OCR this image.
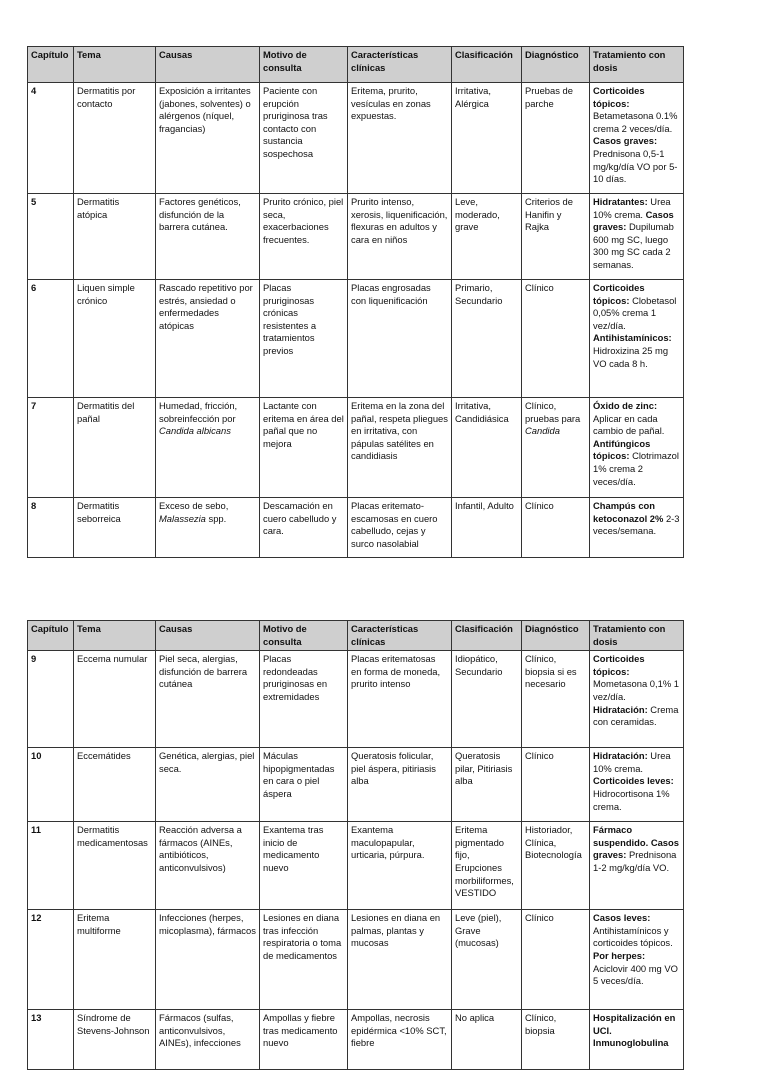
Capítulo	Tema	Causas	Motivo de consulta	Características clínicas	Clasificación	Diagnóstico	Tratamiento con dosis
4	Dermatitis por contacto	Exposición a irritantes (jabones, solventes) o alérgenos (níquel, fragancias)	Paciente con erupción pruriginosa tras contacto con sustancia sospechosa	Eritema, prurito, vesículas en zonas expuestas.	Irritativa, Alérgica	Pruebas de parche	Corticoides tópicos: Betametasona 0.1% crema 2 veces/día. Casos graves: Prednisona 0,5-1 mg/kg/día VO por 5-10 días.
5	Dermatitis atópica	Factores genéticos, disfunción de la barrera cutánea.	Prurito crónico, piel seca, exacerbaciones frecuentes.	Prurito intenso, xerosis, liquenificación, flexuras en adultos y cara en niños	Leve, moderado, grave	Criterios de Hanifin y Rajka	Hidratantes: Urea 10% crema. Casos graves: Dupilumab 600 mg SC, luego 300 mg SC cada 2 semanas.
6	Liquen simple crónico	Rascado repetitivo por estrés, ansiedad o enfermedades atópicas	Placas pruriginosas crónicas resistentes a tratamientos previos	Placas engrosadas con liquenificación	Primario, Secundario	Clínico	Corticoides tópicos: Clobetasol 0,05% crema 1 vez/día. Antihistamínicos: Hidroxizina 25 mg VO cada 8 h.
7	Dermatitis del pañal	Humedad, fricción, sobreinfección por Candida albicans	Lactante con eritema en área del pañal que no mejora	Eritema en la zona del pañal, respeta pliegues en irritativa, con pápulas satélites en candidiasis	Irritativa, Candidiásica	Clínico, pruebas para Candida	Óxido de zinc: Aplicar en cada cambio de pañal. Antifúngicos tópicos: Clotrimazol 1% crema 2 veces/día.
8	Dermatitis seborreica	Exceso de sebo, Malassezia spp.	Descamación en cuero cabelludo y cara.	Placas eritemato-escamosas en cuero cabelludo, cejas y surco nasolabial	Infantil, Adulto	Clínico	Champús con ketoconazol 2% 2-3 veces/semana.
Capítulo	Tema	Causas	Motivo de consulta	Características clínicas	Clasificación	Diagnóstico	Tratamiento con dosis
9	Eccema numular	Piel seca, alergias, disfunción de barrera cutánea	Placas redondeadas pruriginosas en extremidades	Placas eritematosas en forma de moneda, prurito intenso	Idiopático, Secundario	Clínico, biopsia si es necesario	Corticoides tópicos: Mometasona 0,1% 1 vez/día. Hidratación: Crema con ceramidas.
10	Eccemátides	Genética, alergias, piel seca.	Máculas hipopigmentadas en cara o piel áspera	Queratosis folicular, piel áspera, pitiriasis alba	Queratosis pilar, Pitiriasis alba	Clínico	Hidratación: Urea 10% crema. Corticoides leves: Hidrocortisona 1% crema.
11	Dermatitis medicamentosas	Reacción adversa a fármacos (AINEs, antibióticos, anticonvulsivos)	Exantema tras inicio de medicamento nuevo	Exantema maculopapular, urticaria, púrpura.	Eritema pigmentado fijo, Erupciones morbiliformes, VESTIDO	Historiador, Clínica, Biotecnología	Fármaco suspendido. Casos graves: Prednisona 1-2 mg/kg/día VO.
12	Eritema multiforme	Infecciones (herpes, micoplasma), fármacos	Lesiones en diana tras infección respiratoria o toma de medicamentos	Lesiones en diana en palmas, plantas y mucosas	Leve (piel), Grave (mucosas)	Clínico	Casos leves: Antihistamínicos y corticoides tópicos. Por herpes: Aciclovir 400 mg VO 5 veces/día.
13	Síndrome de Stevens-Johnson	Fármacos (sulfas, anticonvulsivos, AINEs), infecciones	Ampollas y fiebre tras medicamento nuevo	Ampollas, necrosis epidérmica <10% SCT, fiebre	No aplica	Clínico, biopsia	Hospitalización en UCI. Inmunoglobulina
